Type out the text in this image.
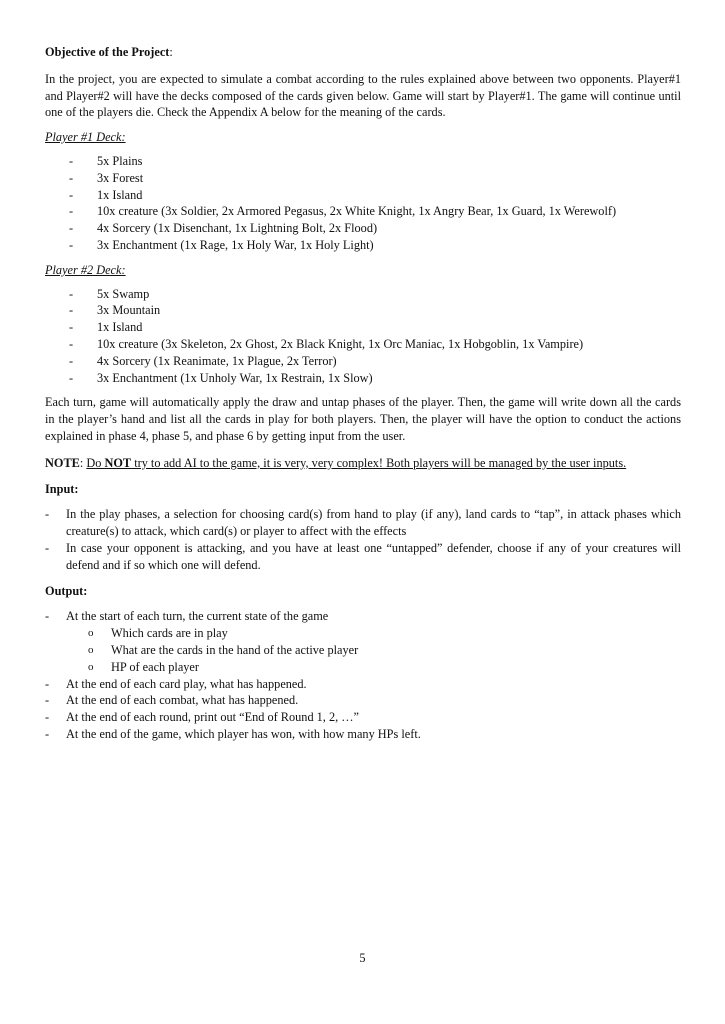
Objective of the Project:

In the project, you are expected to simulate a combat according to the rules explained above between two opponents. Player#1 and Player#2 will have the decks composed of the cards given below. Game will start by Player#1. The game will continue until one of the players die. Check the Appendix A below for the meaning of the cards.

Player #1 Deck:

- 5x Plains
- 3x Forest
- 1x Island
- 10x creature (3x Soldier, 2x Armored Pegasus, 2x White Knight, 1x Angry Bear, 1x Guard, 1x Werewolf)
- 4x Sorcery (1x Disenchant, 1x Lightning Bolt, 2x Flood)
- 3x Enchantment (1x Rage, 1x Holy War, 1x Holy Light)

Player #2 Deck:

- 5x Swamp
- 3x Mountain
- 1x Island
- 10x creature (3x Skeleton, 2x Ghost, 2x Black Knight, 1x Orc Maniac, 1x Hobgoblin, 1x Vampire)
- 4x Sorcery (1x Reanimate, 1x Plague, 2x Terror)
- 3x Enchantment (1x Unholy War, 1x Restrain, 1x Slow)

Each turn, game will automatically apply the draw and untap phases of the player. Then, the game will write down all the cards in the player’s hand and list all the cards in play for both players. Then, the player will have the option to conduct the actions explained in phase 4, phase 5, and phase 6 by getting input from the user.

NOTE: Do NOT try to add AI to the game, it is very, very complex! Both players will be managed by the user inputs.

Input:

- In the play phases, a selection for choosing card(s) from hand to play (if any), land cards to “tap”, in attack phases which creature(s) to attack, which card(s) or player to affect with the effects
- In case your opponent is attacking, and you have at least one “untapped” defender, choose if any of your creatures will defend and if so which one will defend.

Output:

- At the start of each turn, the current state of the game
o Which cards are in play
o What are the cards in the hand of the active player
o HP of each player
- At the end of each card play, what has happened.
- At the end of each combat, what has happened.
- At the end of each round, print out “End of Round 1, 2, …”
- At the end of the game, which player has won, with how many HPs left.
5
